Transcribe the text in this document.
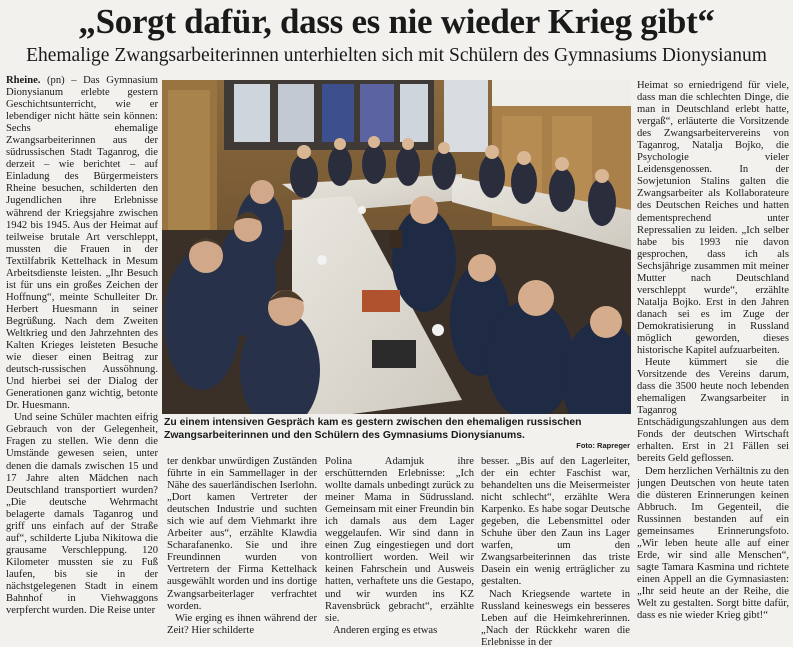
„Sorgt dafür, dass es nie wieder Krieg gibt“
Ehemalige Zwangsarbeiterinnen unterhielten sich mit Schülern des Gymnasiums Dionysianum

Rheine. (pn) – Das Gymnasium Dionysianum erlebte gestern Geschichtsunterricht, wie er lebendiger nicht hätte sein können: Sechs ehemalige Zwangsarbeiterinnen aus der südrussischen Stadt Taganrog, die derzeit – wie berichtet – auf Einladung des Bürgermeisters Rheine besuchen, schilderten den Jugendlichen ihre Erlebnisse während der Kriegsjahre zwischen 1942 bis 1945. Aus der Heimat auf teilweise brutale Art verschleppt, mussten die Frauen in der Textilfabrik Kettelhack in Mesum Arbeitsdienste leisten. „Ihr Besuch ist für uns ein großes Zeichen der Hoffnung“, meinte Schulleiter Dr. Herbert Huesmann in seiner Begrüßung. Nach dem Zweiten Weltkrieg und den Jahrzehnten des Kalten Krieges leisteten Besuche wie dieser einen Beitrag zur deutsch-russischen Aussöhnung. Und hierbei sei der Dialog der Generationen ganz wichtig, betonte Dr. Huesmann.

Und seine Schüler machten eifrig Gebrauch von der Gelegenheit, Fragen zu stellen. Wie denn die Umstände gewesen seien, unter denen die damals zwischen 15 und 17 Jahre alten Mädchen nach Deutschland transportiert wurden? „Die deutsche Wehrmacht belagerte damals Taganrog und griff uns einfach auf der Straße auf“, schilderte Ljuba Nikitowa die grausame Verschleppung. 120 Kilometer mussten sie zu Fuß laufen, bis sie in der nächstgelegenen Stadt in einem Bahnhof in Viehwaggons verpfercht wurden. Die Reise unter

Zu einem intensiven Gespräch kam es gestern zwischen den ehemaligen russischen Zwangsarbeiterinnen und den Schülern des Gymnasiums Dionysianums.
Foto: Rapreger

ter denkbar unwürdigen Zuständen führte in ein Sammellager in der Nähe des sauerländischen Iserlohn. „Dort kamen Vertreter der deutschen Industrie und suchten sich wie auf dem Viehmarkt ihre Arbeiter aus“, erzählte Klawdia Scharafanenko. Sie und ihre Freundinnen wurden von Vertretern der Firma Kettelhack ausgewählt worden und ins dortige Zwangsarbeiterlager verfrachtet worden.

Wie erging es ihnen während der Zeit? Hier schilderte

Polina Adamjuk ihre erschütternden Erlebnisse: „Ich wollte damals unbedingt zurück zu meiner Mama in Südrussland. Gemeinsam mit einer Freundin bin ich damals aus dem Lager weggelaufen. Wir sind dann in einen Zug eingestiegen und dort kontrolliert worden. Weil wir keinen Fahrschein und Ausweis hatten, verhaftete uns die Gestapo, und wir wurden ins KZ Ravensbrück gebracht“, erzählte sie.

Anderen erging es etwas

besser. „Bis auf den Lagerleiter, der ein echter Faschist war, behandelten uns die Meisermeister nicht schlecht“, erzählte Wera Karpenko. Es habe sogar Deutsche gegeben, die Lebensmittel oder Schuhe über den Zaun ins Lager warfen, um den Zwangsarbeiterinnen das triste Dasein ein wenig erträglicher zu gestalten.

Nach Kriegsende wartete in Russland keineswegs ein besseres Leben auf die Heimkehrerinnen. „Nach der Rückkehr waren die Erlebnisse in der

Heimat so erniedrigend für viele, dass man die schlechten Dinge, die man in Deutschland erlebt hatte, vergaß“, erläuterte die Vorsitzende des Zwangsarbeitervereins von Taganrog, Natalja Bojko, die Psychologie vieler Leidensgenossen. In der Sowjetunion Stalins galten die Zwangsarbeiter als Kollaborateure des Deutschen Reiches und hatten dementsprechend unter Repressalien zu leiden. „Ich selber habe bis 1993 nie davon gesprochen, dass ich als Sechsjährige zusammen mit meiner Mutter nach Deutschland verschleppt wurde“, erzählte Natalja Bojko. Erst in den Jahren danach sei es im Zuge der Demokratisierung in Russland möglich geworden, dieses historische Kapitel aufzuarbeiten.

Heute kümmert sie die Vorsitzende des Vereins darum, dass die 3500 heute noch lebenden ehemaligen Zwangsarbeiter in Taganrog Entschädigungszahlungen aus dem Fonds der deutschen Wirtschaft erhalten. Erst in 21 Fällen sei bereits Geld geflossen.

Dem herzlichen Verhältnis zu den jungen Deutschen von heute taten die düsteren Erinnerungen keinen Abbruch. Im Gegenteil, die Russinnen bestanden auf ein gemeinsames Erinnerungsfoto. „Wir leben heute alle auf einer Erde, wir sind alle Menschen“, sagte Tamara Kasmina und richtete einen Appell an die Gymnasiasten: „Ihr seid heute an der Reihe, die Welt zu gestalten. Sorgt bitte dafür, dass es nie wieder Krieg gibt!“
